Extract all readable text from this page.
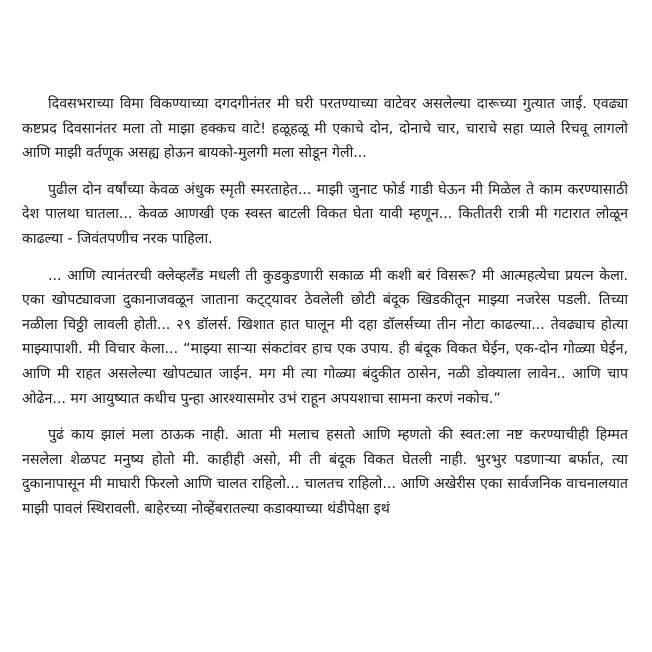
दिवसभराच्या विमा विकण्याच्या दगदगीनंतर मी घरी परतण्याच्या वाटेवर असलेल्या दारूच्या गुत्यात जाई. एवढ्या कष्टप्रद दिवसानंतर मला तो माझा हक्कच वाटे! हळूहळू मी एकाचे दोन, दोनाचे चार, चाराचे सहा प्याले रिचवू लागलो आणि माझी वर्तणूक असह्य होऊन बायको-मुलगी मला सोडून गेली...

पुढील दोन वर्षांच्या केवळ अंधुक स्मृती स्मरताहेत... माझी जुनाट फोर्ड गाडी घेऊन मी मिळेल ते काम करण्यासाठी देश पालथा घातला... केवळ आणखी एक स्वस्त बाटली विकत घेता यावी म्हणून... कितीतरी रात्री मी गटारात लोळून काढल्या - जिवंतपणीच नरक पाहिला.

... आणि त्यानंतरची क्लेव्हलँड मधली ती कुडकुडणारी सकाळ मी कशी बरं विसरू? मी आत्महत्येचा प्रयत्न केला. एका खोपट्यावजा दुकानाजवळून जाताना कट्ट्यावर ठेवलेली छोटी बंदूक खिडकीतून माझ्या नजरेस पडली. तिच्या नळीला चिठ्ठी लावली होती... २९ डॉलर्स. खिशात हात घालून मी दहा डॉलर्सच्या तीन नोटा काढल्या... तेवढ्याच होत्या माझ्यापाशी. मी विचार केला... “माझ्या साऱ्या संकटांवर हाच एक उपाय. ही बंदूक विकत घेईन, एक-दोन गोळ्या घेईन, आणि मी राहत असलेल्या खोपट्यात जाईन. मग मी त्या गोळ्या बंदुकीत ठासेन, नळी डोक्याला लावेन.. आणि चाप ओढेन... मग आयुष्यात कधीच पुन्हा आरश्यासमोर उभं राहून अपयशाचा सामना करणं नकोच.”

पुढं काय झालं मला ठाऊक नाही. आता मी मलाच हसतो आणि म्हणतो की स्वत:ला नष्ट करण्याचीही हिम्मत नसलेला शेळपट मनुष्य होतो मी. काहीही असो, मी ती बंदूक विकत घेतली नाही. भुरभुर पडणाऱ्या बर्फात, त्या दुकानापासून मी माघारी फिरलो आणि चालत राहिलो... चालतच राहिलो... आणि अखेरीस एका सार्वजनिक वाचनालयात माझी पावलं स्थिरावली. बाहेरच्या नोव्हेंबरातल्या कडाक्याच्या थंडीपेक्षा इथं
